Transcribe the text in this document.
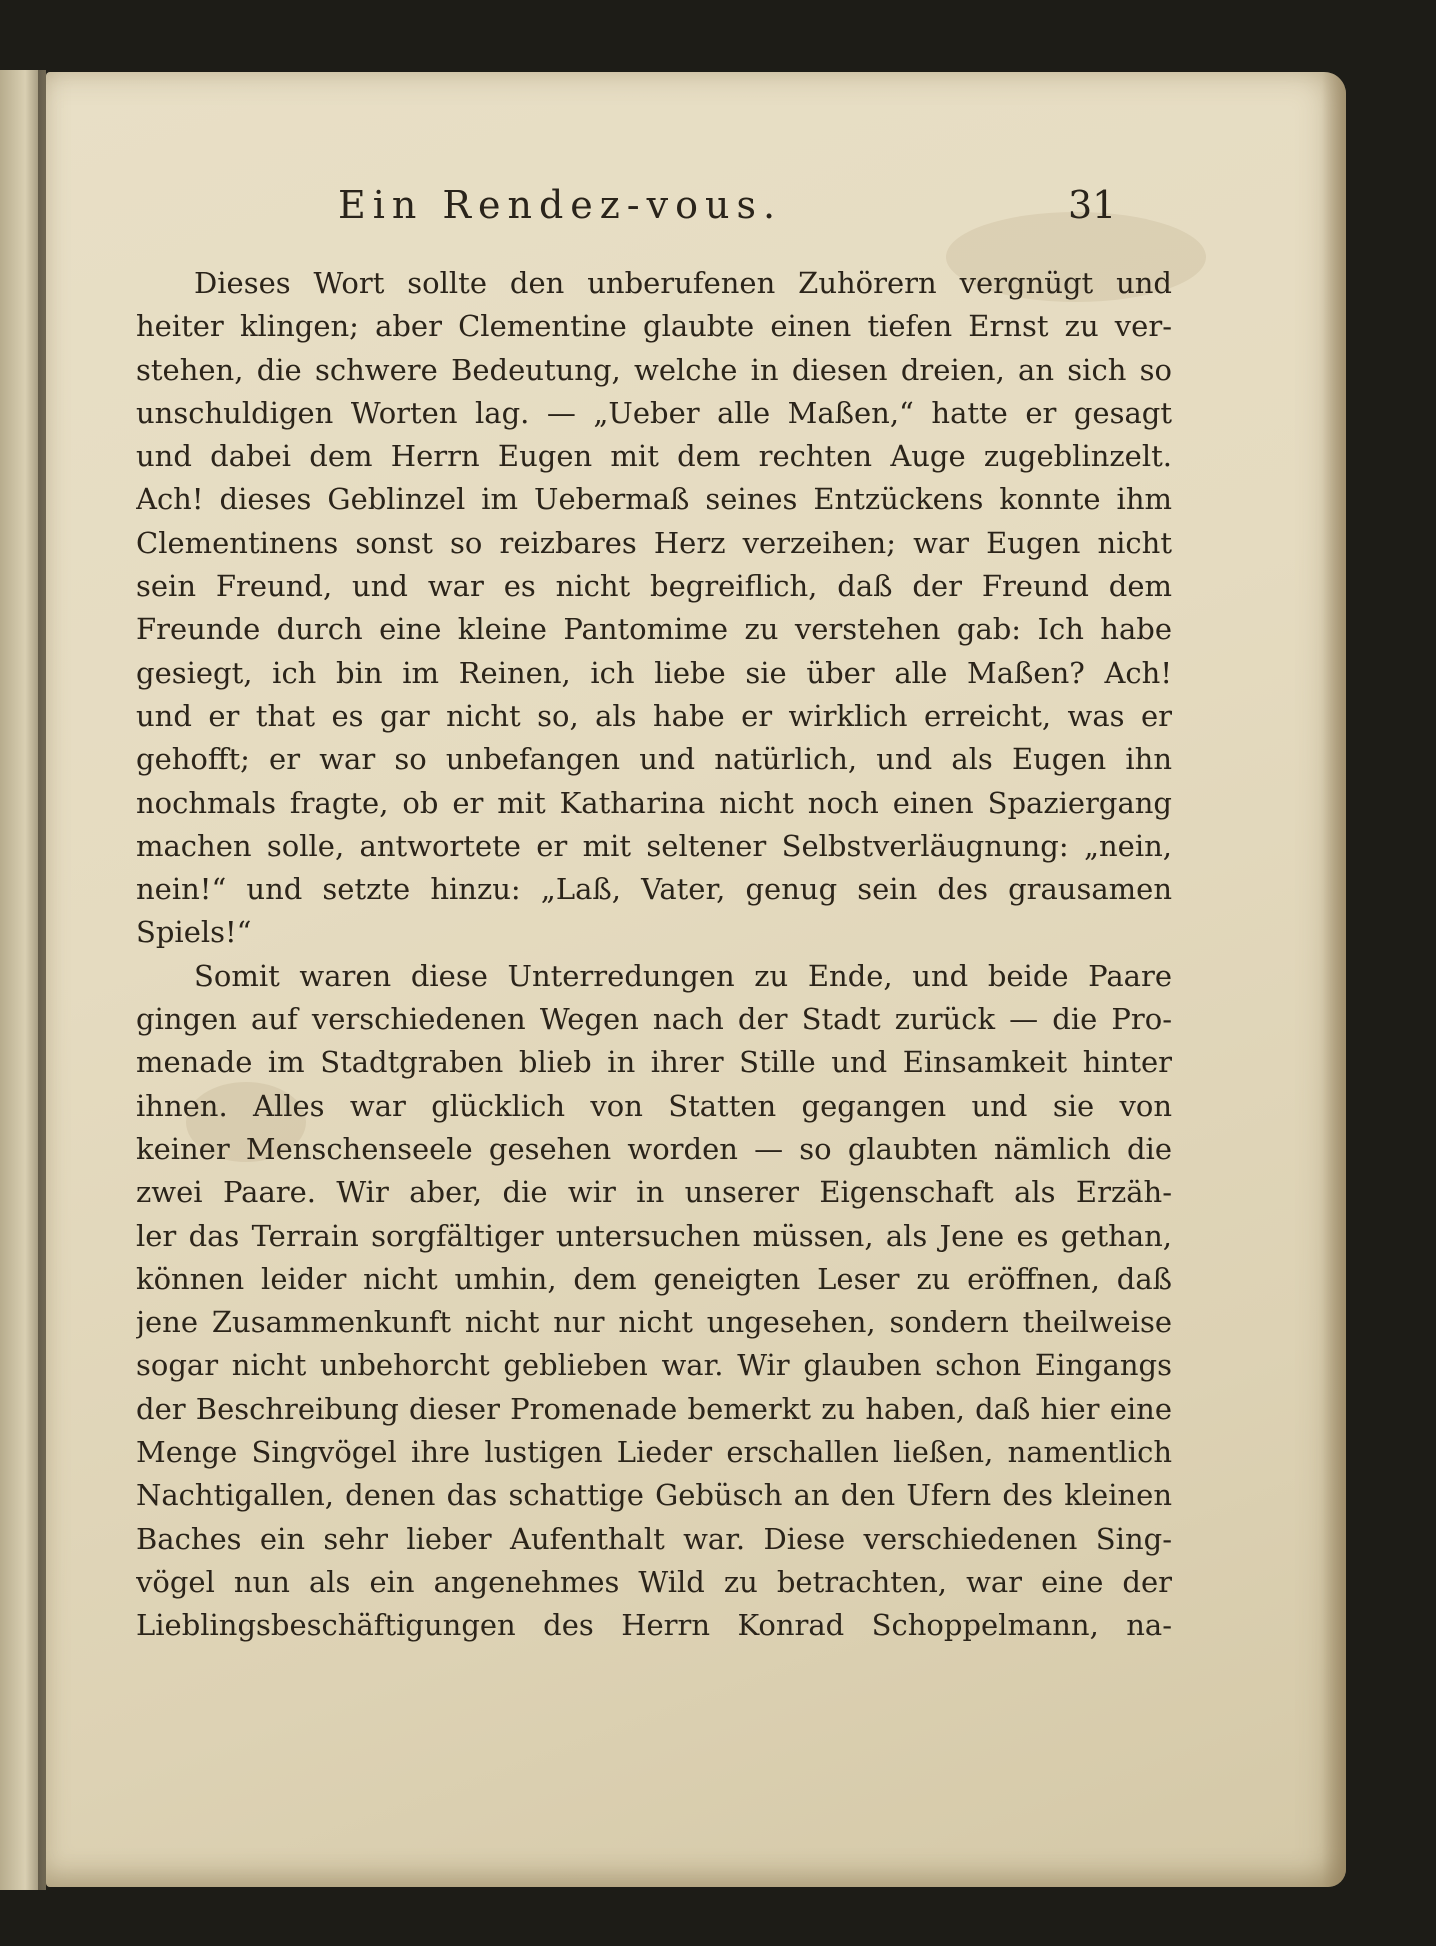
Ein Rendez-vous.	31
Dieses Wort sollte den unberufenen Zuhörern vergnügt und
heiter klingen; aber Clementine glaubte einen tiefen Ernst zu ver-
stehen, die schwere Bedeutung, welche in diesen dreien, an sich so
unschuldigen Worten lag. — „Ueber alle Maßen,“ hatte er gesagt
und dabei dem Herrn Eugen mit dem rechten Auge zugeblinzelt.
Ach! dieses Geblinzel im Uebermaß seines Entzückens konnte ihm
Clementinens sonst so reizbares Herz verzeihen; war Eugen nicht
sein Freund, und war es nicht begreiflich, daß der Freund dem
Freunde durch eine kleine Pantomime zu verstehen gab: Ich habe
gesiegt, ich bin im Reinen, ich liebe sie über alle Maßen? Ach!
und er that es gar nicht so, als habe er wirklich erreicht, was er
gehofft; er war so unbefangen und natürlich, und als Eugen ihn
nochmals fragte, ob er mit Katharina nicht noch einen Spaziergang
machen solle, antwortete er mit seltener Selbstverläugnung: „nein,
nein!“ und setzte hinzu: „Laß, Vater, genug sein des grausamen
Spiels!“
Somit waren diese Unterredungen zu Ende, und beide Paare
gingen auf verschiedenen Wegen nach der Stadt zurück — die Pro-
menade im Stadtgraben blieb in ihrer Stille und Einsamkeit hinter
ihnen. Alles war glücklich von Statten gegangen und sie von
keiner Menschenseele gesehen worden — so glaubten nämlich die
zwei Paare. Wir aber, die wir in unserer Eigenschaft als Erzäh-
ler das Terrain sorgfältiger untersuchen müssen, als Jene es gethan,
können leider nicht umhin, dem geneigten Leser zu eröffnen, daß
jene Zusammenkunft nicht nur nicht ungesehen, sondern theilweise
sogar nicht unbehorcht geblieben war. Wir glauben schon Eingangs
der Beschreibung dieser Promenade bemerkt zu haben, daß hier eine
Menge Singvögel ihre lustigen Lieder erschallen ließen, namentlich
Nachtigallen, denen das schattige Gebüsch an den Ufern des kleinen
Baches ein sehr lieber Aufenthalt war. Diese verschiedenen Sing-
vögel nun als ein angenehmes Wild zu betrachten, war eine der
Lieblingsbeschäftigungen des Herrn Konrad Schoppelmann, na-
